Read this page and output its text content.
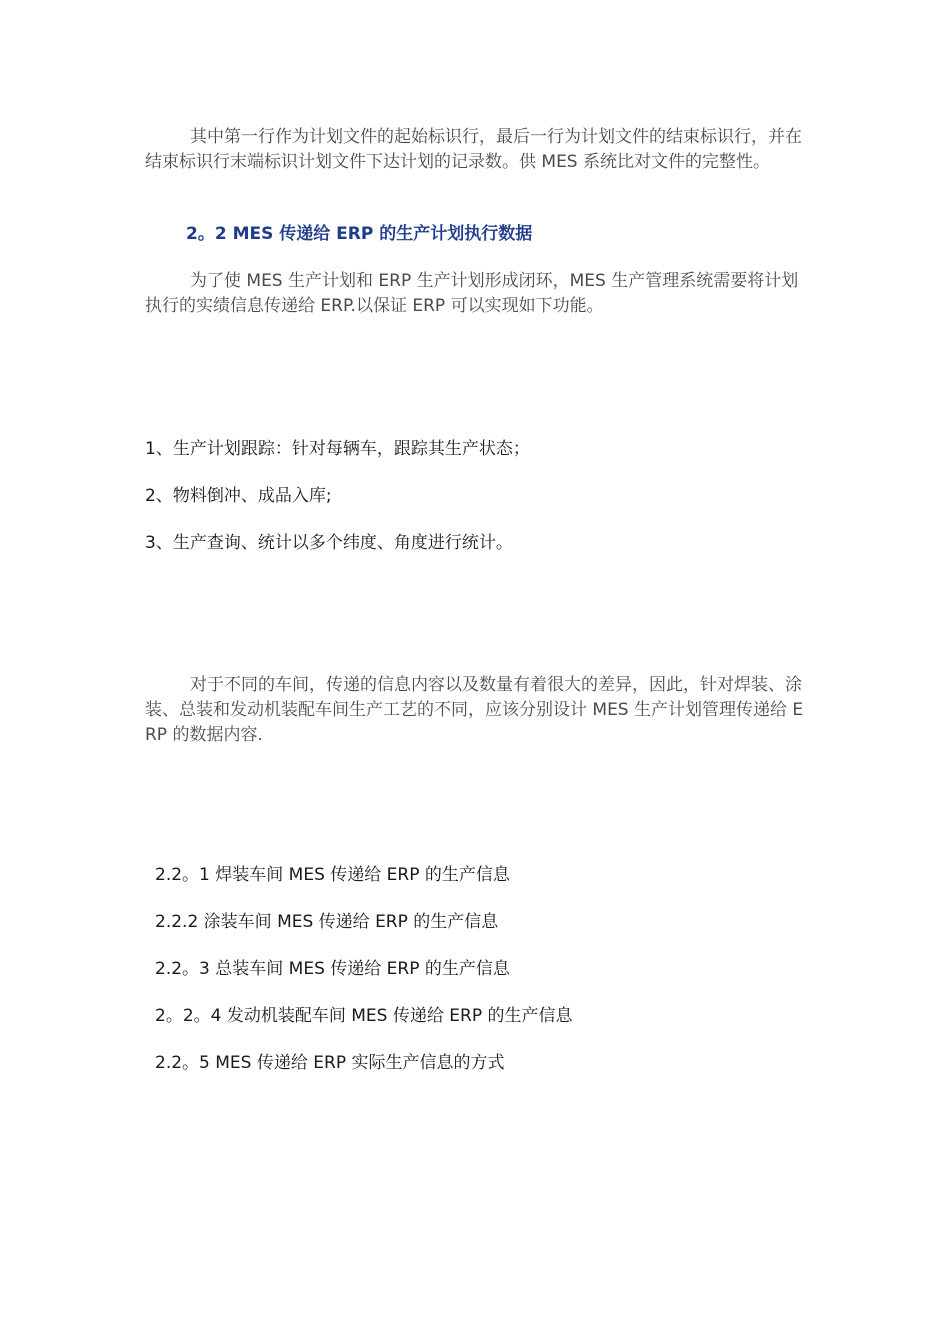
其中第一行作为计划文件的起始标识行，最后一行为计划文件的结束标识行，并在结束标识行末端标识计划文件下达计划的记录数。供 MES 系统比对文件的完整性。

2。2 MES 传递给 ERP 的生产计划执行数据

为了使 MES 生产计划和 ERP 生产计划形成闭环，MES 生产管理系统需要将计划执行的实绩信息传递给 ERP.以保证 ERP 可以实现如下功能。

1、生产计划跟踪：针对每辆车，跟踪其生产状态；

2、物料倒冲、成品入库;

3、生产查询、统计以多个纬度、角度进行统计。

对于不同的车间，传递的信息内容以及数量有着很大的差异，因此，针对焊装、涂装、总装和发动机装配车间生产工艺的不同，应该分别设计 MES 生产计划管理传递给 ERP 的数据内容.

2.2。1 焊装车间 MES 传递给 ERP 的生产信息

2.2.2 涂装车间 MES 传递给 ERP 的生产信息

2.2。3 总装车间 MES 传递给 ERP 的生产信息

2。2。4 发动机装配车间 MES 传递给 ERP 的生产信息

2.2。5 MES 传递给 ERP 实际生产信息的方式
